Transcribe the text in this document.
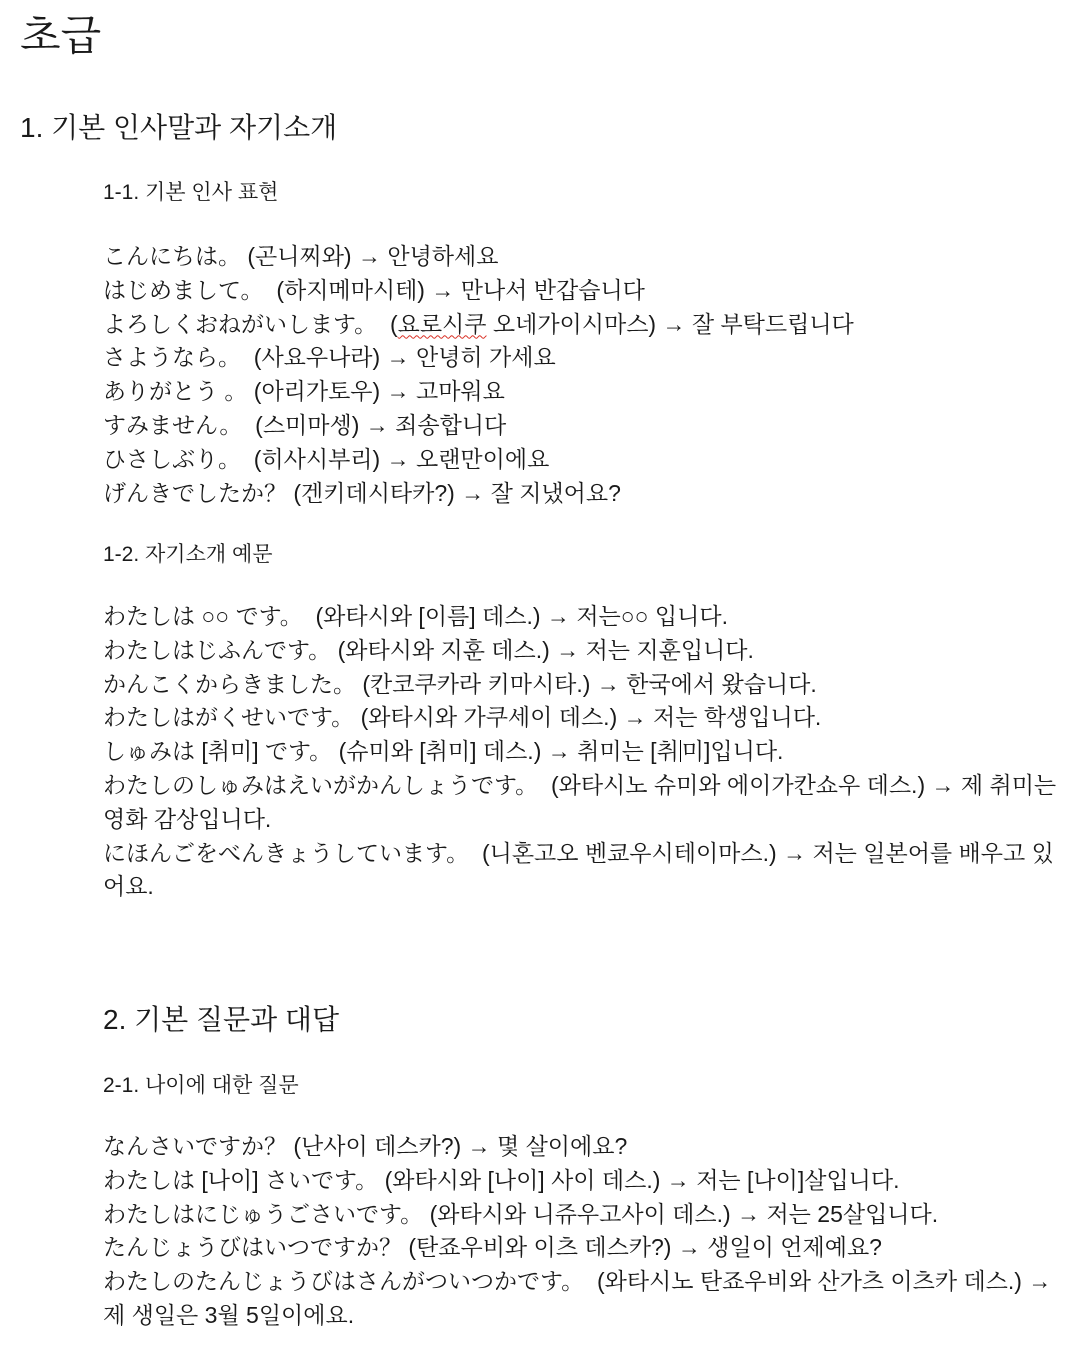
초급
1. 기본 인사말과 자기소개
1-1. 기본 인사 표현
こんにちは。 (곤니찌와) → 안녕하세요
はじめまして。 (하지메마시테) → 만나서 반갑습니다
よろしくおねがいします。 (요로시쿠 오네가이시마스) → 잘 부탁드립니다
さようなら。 (사요우나라) → 안녕히 가세요
ありがとう 。 (아리가토우) → 고마워요
すみません。 (스미마셍) → 죄송합니다
ひさしぶり。 (히사시부리) → 오랜만이에요
げんきでしたか？ (겐키데시타카?) → 잘 지냈어요?
1-2. 자기소개 예문
わたしは ○○ です。 (와타시와 [이름] 데스.) → 저는○○ 입니다.
わたしはじふんです。 (와타시와 지훈 데스.) → 저는 지훈입니다.
かんこくからきました。 (칸코쿠카라 키마시타.) → 한국에서 왔습니다.
わたしはがくせいです。 (와타시와 가쿠세이 데스.) → 저는 학생입니다.
しゅみは [취미] です。 (슈미와 [취미] 데스.) → 취미는 [취 미]입니다.
わたしのしゅみはえいがかんしょうです。 (와타시노 슈미와 에이가칸쇼우 데스.) → 제 취미는 영화 감상입니다.
にほんごをべんきょうしています。 (니혼고오 벤쿄우시테이마스.) → 저는 일본어를 배우고 있어요.
2. 기본 질문과 대답
2-1. 나이에 대한 질문
なんさいですか？ (난사이 데스카?) → 몇 살이에요?
わたしは [나이] さいです。 (와타시와 [나이] 사이 데스.) → 저는 [나이]살입니다.
わたしはにじゅうごさいです。 (와타시와 니쥬우고사이 데스.) → 저는 25살입니다.
たんじょうびはいつですか？ (탄죠우비와 이츠 데스카?) → 생일이 언제예요?
わたしのたんじょうびはさんがついつかです。 (와타시노 탄죠우비와 산가츠 이츠카 데스.) → 제 생일은 3월 5일이에요.
